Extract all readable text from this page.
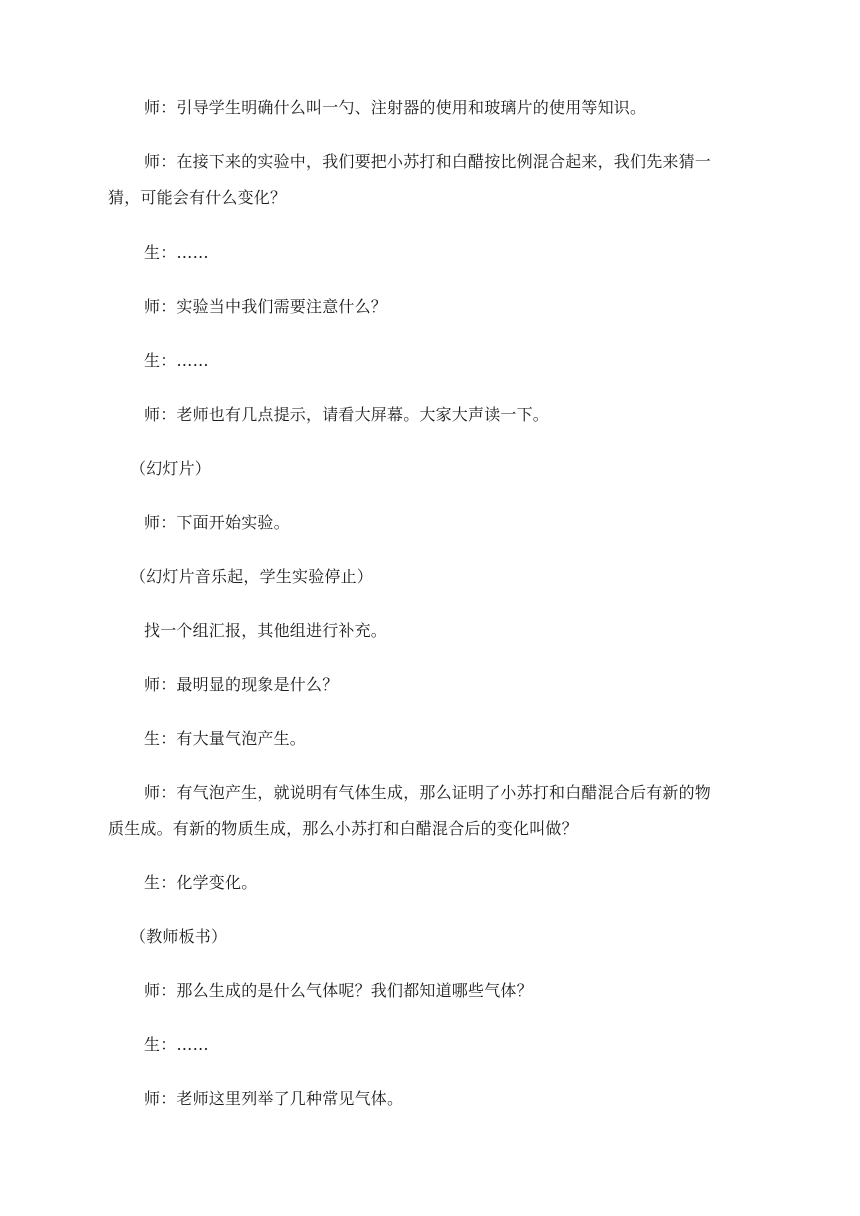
师：引导学生明确什么叫一勺、注射器的使用和玻璃片的使用等知识。
师：在接下来的实验中，我们要把小苏打和白醋按比例混合起来，我们先来猜一
猜，可能会有什么变化？
生：……
师：实验当中我们需要注意什么？
生：……
师：老师也有几点提示，请看大屏幕。大家大声读一下。
（幻灯片）
师：下面开始实验。
（幻灯片音乐起，学生实验停止）
找一个组汇报，其他组进行补充。
师：最明显的现象是什么？
生：有大量气泡产生。
师：有气泡产生，就说明有气体生成，那么证明了小苏打和白醋混合后有新的物
质生成。有新的物质生成，那么小苏打和白醋混合后的变化叫做？
生：化学变化。
（教师板书）
师：那么生成的是什么气体呢？我们都知道哪些气体？
生：……
师：老师这里列举了几种常见气体。
